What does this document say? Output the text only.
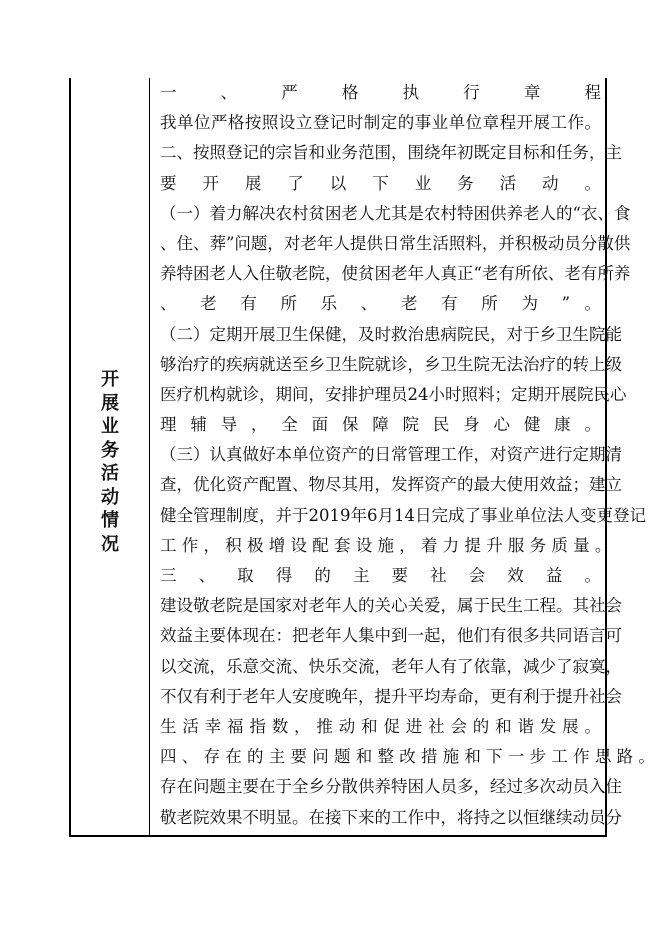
开
展
业
务
活
动
情
况
一 、 严 格 执 行 章 程
我单位严格按照设立登记时制定的事业单位章程开展工作。
二、按照登记的宗旨和业务范围，围绕年初既定目标和任务，主
要 开 展 了 以 下 业 务 活 动 。
（一）着力解决农村贫困老人尤其是农村特困供养老人的“衣、食
、住、葬”问题，对老年人提供日常生活照料，并积极动员分散供
养特困老人入住敬老院，使贫困老年人真正“老有所依、老有所养
、 老 有 所 乐 、 老 有 所 为 ” 。
（二）定期开展卫生保健，及时救治患病院民，对于乡卫生院能
够治疗的疾病就送至乡卫生院就诊，乡卫生院无法治疗的转上级
医疗机构就诊，期间，安排护理员24小时照料；定期开展院民心
理 辅 导 ， 全 面 保 障 院 民 身 心 健 康 。
（三）认真做好本单位资产的日常管理工作，对资产进行定期清
查，优化资产配置、物尽其用，发挥资产的最大使用效益；建立
健全管理制度，并于2019年6月14日完成了事业单位法人变更登记
工 作 ， 积 极 增 设 配 套 设 施 ， 着 力 提 升 服 务 质 量 。
三 、 取 得 的 主 要 社 会 效 益 。
建设敬老院是国家对老年人的关心关爱，属于民生工程。其社会
效益主要体现在：把老年人集中到一起，他们有很多共同语言可
以交流，乐意交流、快乐交流，老年人有了依靠，减少了寂寞，
不仅有利于老年人安度晚年，提升平均寿命，更有利于提升社会
生 活 幸 福 指 数 ， 推 动 和 促 进 社 会 的 和 谐 发 展 。
四 、 存 在 的 主 要 问 题 和 整 改 措 施 和 下 一 步 工 作 思 路 。
存在问题主要在于全乡分散供养特困人员多，经过多次动员入住
敬老院效果不明显。在接下来的工作中，将持之以恒继续动员分
